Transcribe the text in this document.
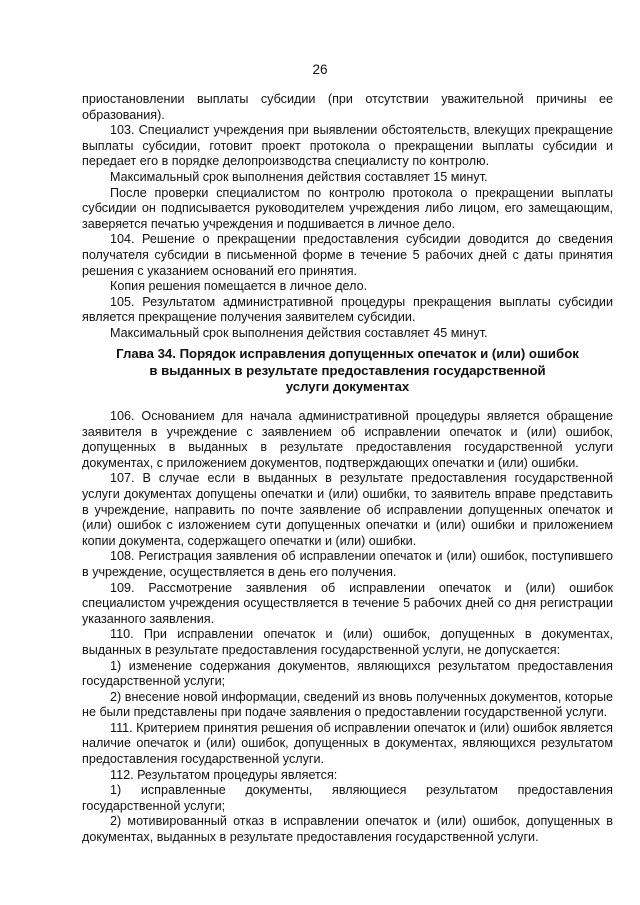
26

приостановлении выплаты субсидии (при отсутствии уважительной причины ее образования).

103. Специалист учреждения при выявлении обстоятельств, влекущих прекращение выплаты субсидии, готовит проект протокола о прекращении выплаты субсидии и передает его в порядке делопроизводства специалисту по контролю.

Максимальный срок выполнения действия составляет 15 минут.

После проверки специалистом по контролю протокола о прекращении выплаты субсидии он подписывается руководителем учреждения либо лицом, его замещающим, заверяется печатью учреждения и подшивается в личное дело.

104. Решение о прекращении предоставления субсидии доводится до сведения получателя субсидии в письменной форме в течение 5 рабочих дней с даты принятия решения с указанием оснований его принятия.

Копия решения помещается в личное дело.

105. Результатом административной процедуры прекращения выплаты субсидии является прекращение получения заявителем субсидии.

Максимальный срок выполнения действия составляет 45 минут.

Глава 34. Порядок исправления допущенных опечаток и (или) ошибок
в выданных в результате предоставления государственной
услуги документах

106. Основанием для начала административной процедуры является обращение заявителя в учреждение с заявлением об исправлении опечаток и (или) ошибок, допущенных в выданных в результате предоставления государственной услуги документах, с приложением документов, подтверждающих опечатки и (или) ошибки.

107. В случае если в выданных в результате предоставления государственной услуги документах допущены опечатки и (или) ошибки, то заявитель вправе представить в учреждение, направить по почте заявление об исправлении допущенных опечаток и (или) ошибок с изложением сути допущенных опечатки и (или) ошибки и приложением копии документа, содержащего опечатки и (или) ошибки.

108. Регистрация заявления об исправлении опечаток и (или) ошибок, поступившего в учреждение, осуществляется в день его получения.

109. Рассмотрение заявления об исправлении опечаток и (или) ошибок специалистом учреждения осуществляется в течение 5 рабочих дней со дня регистрации указанного заявления.

110. При исправлении опечаток и (или) ошибок, допущенных в документах, выданных в результате предоставления государственной услуги, не допускается:

1) изменение содержания документов, являющихся результатом предоставления государственной услуги;

2) внесение новой информации, сведений из вновь полученных документов, которые не были представлены при подаче заявления о предоставлении государственной услуги.

111. Критерием принятия решения об исправлении опечаток и (или) ошибок является наличие опечаток и (или) ошибок, допущенных в документах, являющихся результатом предоставления государственной услуги.

112. Результатом процедуры является:

1) исправленные документы, являющиеся результатом предоставления государственной услуги;

2) мотивированный отказ в исправлении опечаток и (или) ошибок, допущенных в документах, выданных в результате предоставления государственной услуги.
